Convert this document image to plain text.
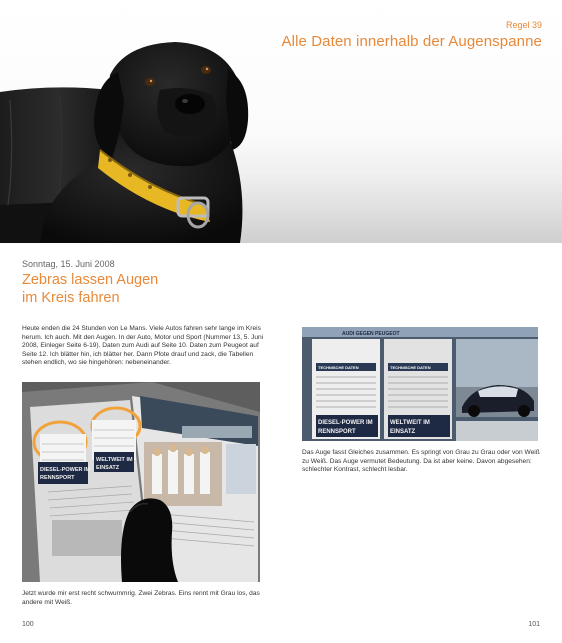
Regel 39
Alle Daten innerhalb der Augenspanne
Sonntag, 15. Juni 2008
Zebras lassen Augen
im Kreis fahren

Heute enden die 24 Stunden von Le Mans. Viele Autos fahren sehr lange im Kreis herum. Ich auch. Mit den Augen. In der Auto, Motor und Sport (Nummer 13, 5. Juni 2008, Einleger Seite 6-19). Daten zum Audi auf Seite 10. Daten zum Peugeot auf Seite 12. Ich blätter hin, ich blätter her. Dann Pfote drauf und zack, die Tabellen stehen endlich, wo sie hingehören: nebeneinander.

DIESEL-POWER IM
RENNSPORT
WELTWEIT IM
EINSATZ
AUDI GEGEN PEUGEOT
TECHNISCHE DATEN
DIESEL-POWER IM
RENNSPORT
TECHNISCHE DATEN
WELTWEIT IM
EINSATZ

Jetzt wurde mir erst recht schwummrig. Zwei Zebras. Eins rennt mit Grau los, das andere mit Weiß.

Das Auge fasst Gleiches zusammen. Es springt von Grau zu Grau oder von Weiß zu Weiß. Das Auge vermutet Bedeutung. Da ist aber keine. Davon abgesehen: schlechter Kontrast, schlecht lesbar.

100	101
